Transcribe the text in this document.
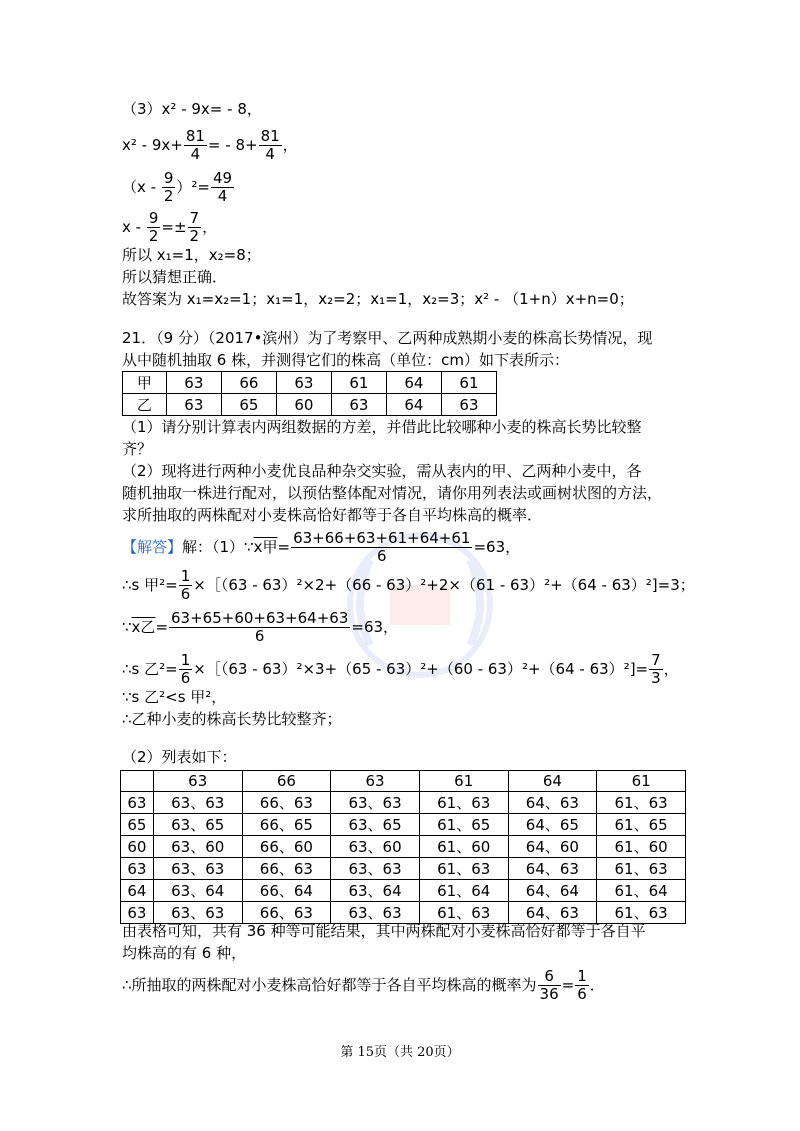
（3）x² - 9x= - 8，
$x^2 - 9x+ \frac{81}{4}$ = - $8+ \frac{81}{4}$ ，
$(x - \frac{9}{2} )^2= \frac{49}{4}$
$x - \frac{9}{2} =\pm \frac{7}{2}$ ，
所以 x₁=1，x₂=8；
所以猜想正确．
故答案为 x₁=x₂=1；x₁=1，x₂=2；x₁=1，x₂=3；x² - （1+n）x+n=0；
21．（9 分）（2017•滨州）为了考察甲、乙两种成熟期小麦的株高长势情况，现
从中随机抽取 6 株，并测得它们的株高（单位：cm）如下表所示：
甲	63	66	63	61	64	61
乙	63	65	60	63	64	63
（1）请分别计算表内两组数据的方差，并借此比较哪种小麦的株高长势比较整
齐？
（2）现将进行两种小麦优良品种杂交实验，需从表内的甲、乙两种小麦中，各
随机抽取一株进行配对，以预估整体配对情况，请你用列表法或画树状图的方法，
求所抽取的两株配对小麦株高恰好都等于各自平均株高的概率．
【解答】解：（1）∵x甲= $\frac{63+66+63+61+64+61}{6} =63$，
∴s 甲$^2= \frac{1}{6}$ ×［（63 - 63）²×2+（66 - 63）²+2×（61 - 63）²+（64 - 63）²]=3；
∵x乙= $\frac{63+65+60+63+64+63}{6} =63$，
∴s 乙$^2= \frac{1}{6}$ ×［（63 - $63)^2\times 3+(65 - 63)^2+(60 - 63)^2+(64 - 63)^2]= \frac{7}{3}$ ，
∵s 乙²<s 甲²，
∴乙种小麦的株高长势比较整齐；
（2）列表如下：
	63	66	63	61	64	61
63	63、63	66、63	63、63	61、63	64、63	61、63
65	63、65	66、65	63、65	61、65	64、65	61、65
60	63、60	66、60	63、60	61、60	64、60	61、60
63	63、63	66、63	63、63	61、63	64、63	61、63
64	63、64	66、64	63、64	61、64	64、64	61、64
63	63、63	66、63	63、63	61、63	64、63	61、63
由表格可知，共有 36 种等可能结果，其中两株配对小麦株高恰好都等于各自平
均株高的有 6 种，
∴所抽取的两株配对小麦株高恰好都等于各自平均株高的概率为 $\frac{6}{36} = \frac{1}{6}$ ．
第 15页（共 20页）
